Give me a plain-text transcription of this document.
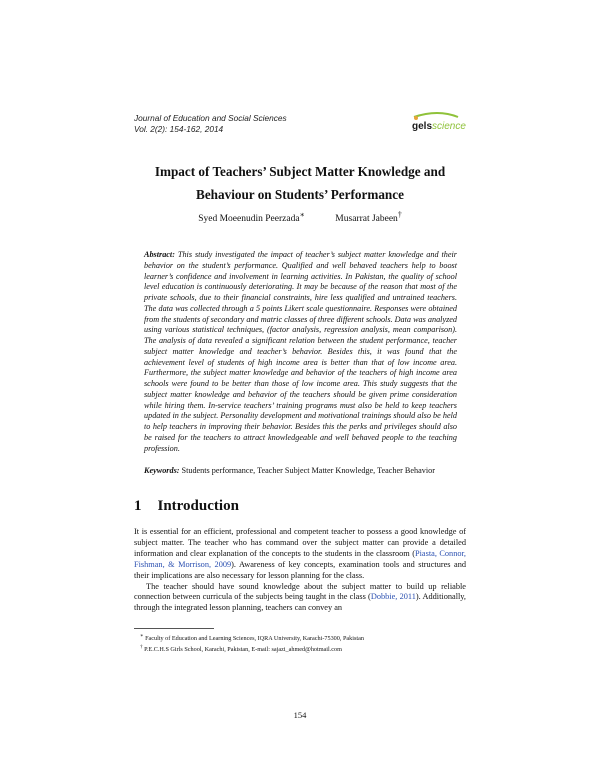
Journal of Education and Social Sciences
Vol. 2(2): 154-162, 2014	gelsscience
Impact of Teachers’ Subject Matter Knowledge and
Behaviour on Students’ Performance
Syed Moeenudin Peerzada∗	Musarrat Jabeen†
Abstract: This study investigated the impact of teacher’s subject matter knowledge and their behavior on the student’s performance. Qualified and well behaved teachers help to boost learner’s confidence and involvement in learning activities. In Pakistan, the quality of school level education is continuously deteriorating. It may be because of the reason that most of the private schools, due to their financial constraints, hire less qualified and untrained teachers. The data was collected through a 5 points Likert scale questionnaire. Responses were obtained from the students of secondary and matric classes of three different schools. Data was analyzed using various statistical techniques, (factor analysis, regression analysis, mean comparison). The analysis of data revealed a significant relation between the student performance, teacher subject matter knowledge and teacher’s behavior. Besides this, it was found that the achievement level of students of high income area is better than that of low income area. Furthermore, the subject matter knowledge and behavior of the teachers of high income area schools were found to be better than those of low income area. This study suggests that the subject matter knowledge and behavior of the teachers should be given prime consideration while hiring them. In-service teachers’ training programs must also be held to keep teachers updated in the subject. Personality development and motivational trainings should also be held to help teachers in improving their behavior. Besides this the perks and privileges should also be raised for the teachers to attract knowledgeable and well behaved people to the teaching profession.
Keywords: Students performance, Teacher Subject Matter Knowledge, Teacher Behavior
1 Introduction

It is essential for an efficient, professional and competent teacher to possess a good knowledge of subject matter. The teacher who has command over the subject matter can provide a detailed information and clear explanation of the concepts to the students in the classroom (Piasta, Connor, Fishman, & Morrison, 2009). Awareness of key concepts, examination tools and structures and their implications are also necessary for lesson planning for the class.

The teacher should have sound knowledge about the subject matter to build up reliable connection between curricula of the subjects being taught in the class (Dobbie, 2011). Additionally, through the integrated lesson planning, teachers can convey an

∗ Faculty of Education and Learning Sciences, IQRA University, Karachi-75300, Pakistan
† P.E.C.H.S Girls School, Karachi, Pakistan, E-mail: sajazi_ahmed@hotmail.com
154
